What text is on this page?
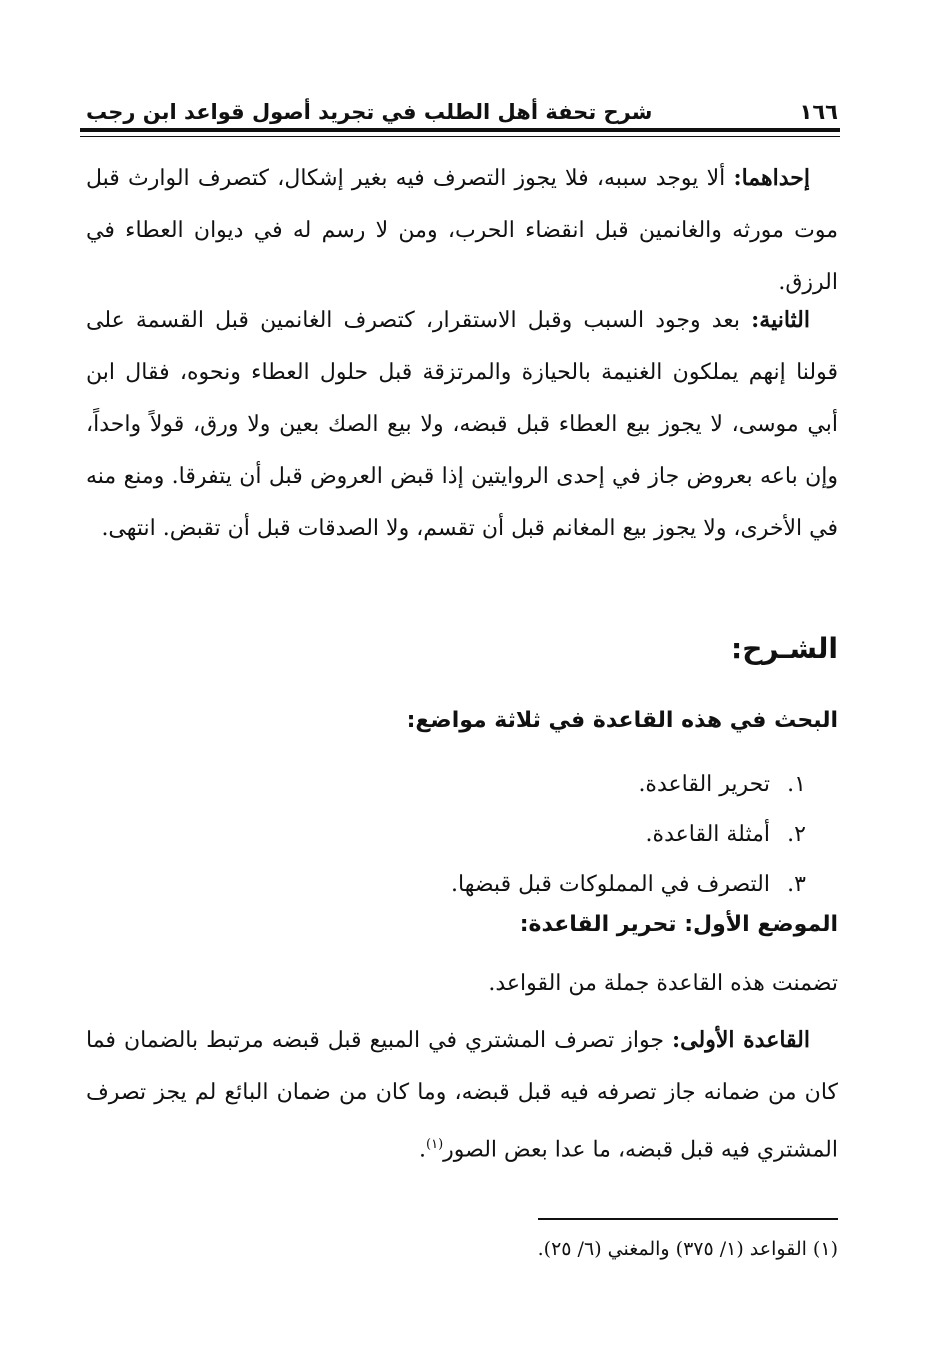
١٦٦
شرح تحفة أهل الطلب في تجريد أصول قواعد ابن رجب

إحداهما: ألا يوجد سببه، فلا يجوز التصرف فيه بغير إشكال، كتصرف الوارث قبل موت مورثه والغانمين قبل انقضاء الحرب، ومن لا رسم له في ديوان العطاء في الرزق.

الثانية: بعد وجود السبب وقبل الاستقرار، كتصرف الغانمين قبل القسمة على قولنا إنهم يملكون الغنيمة بالحيازة والمرتزقة قبل حلول العطاء ونحوه، فقال ابن أبي موسى، لا يجوز بيع العطاء قبل قبضه، ولا بيع الصك بعين ولا ورق، قولاً واحداً، وإن باعه بعروض جاز في إحدى الروايتين إذا قبض العروض قبل أن يتفرقا. ومنع منه في الأخرى، ولا يجوز بيع المغانم قبل أن تقسم، ولا الصدقات قبل أن تقبض. انتهى.

الشـرح:
البحث في هذه القاعدة في ثلاثة مواضع:
١.
تحرير القاعدة.
٢.
أمثلة القاعدة.
٣.
التصرف في المملوكات قبل قبضها.
الموضع الأول: تحرير القاعدة:
تضمنت هذه القاعدة جملة من القواعد.

القاعدة الأولى: جواز تصرف المشتري في المبيع قبل قبضه مرتبط بالضمان فما كان من ضمانه جاز تصرفه فيه قبل قبضه، وما كان من ضمان البائع لم يجز تصرف المشتري فيه قبل قبضه، ما عدا بعض الصور$^{(١)}$.

(١) القواعد (١/ ٣٧٥) والمغني (٦/ ٢٥).
